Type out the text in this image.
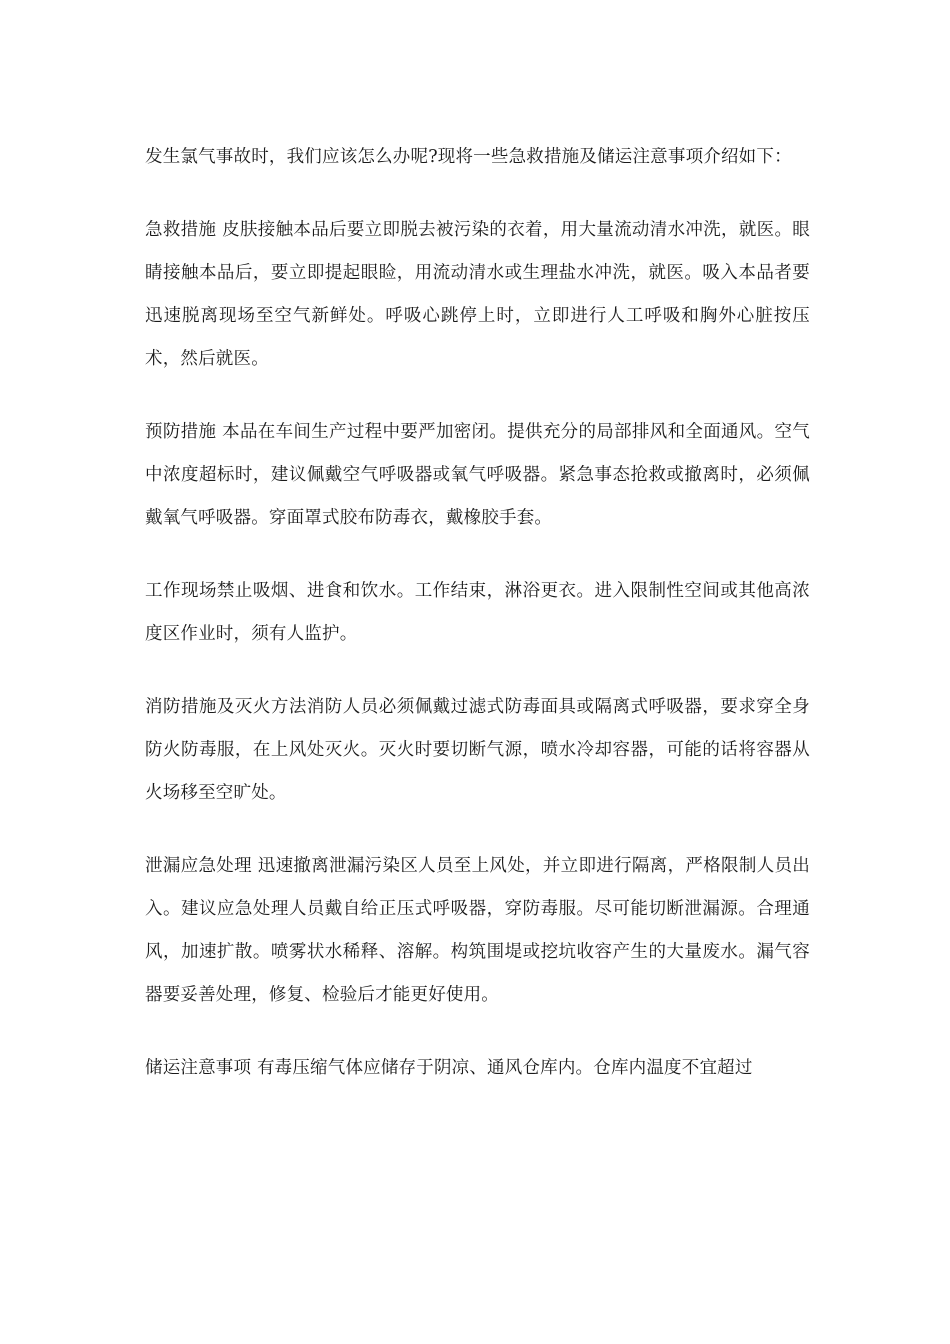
发生氯气事故时，我们应该怎么办呢?现将一些急救措施及储运注意事项介绍如下：

急救措施 皮肤接触本品后要立即脱去被污染的衣着，用大量流动清水冲洗，就医。眼睛接触本品后，要立即提起眼睑，用流动清水或生理盐水冲洗，就医。吸入本品者要迅速脱离现场至空气新鲜处。呼吸心跳停上时，立即进行人工呼吸和胸外心脏按压术，然后就医。

预防措施 本品在车间生产过程中要严加密闭。提供充分的局部排风和全面通风。空气中浓度超标时，建议佩戴空气呼吸器或氧气呼吸器。紧急事态抢救或撤离时，必须佩戴氧气呼吸器。穿面罩式胶布防毒衣，戴橡胶手套。

工作现场禁止吸烟、进食和饮水。工作结束，淋浴更衣。进入限制性空间或其他高浓度区作业时，须有人监护。

消防措施及灭火方法消防人员必须佩戴过滤式防毒面具或隔离式呼吸器，要求穿全身防火防毒服，在上风处灭火。灭火时要切断气源，喷水冷却容器，可能的话将容器从火场移至空旷处。

泄漏应急处理 迅速撤离泄漏污染区人员至上风处，并立即进行隔离，严格限制人员出入。建议应急处理人员戴自给正压式呼吸器，穿防毒服。尽可能切断泄漏源。合理通风，加速扩散。喷雾状水稀释、溶解。构筑围堤或挖坑收容产生的大量废水。漏气容器要妥善处理，修复、检验后才能更好使用。

储运注意事项 有毒压缩气体应储存于阴凉、通风仓库内。仓库内温度不宜超过
